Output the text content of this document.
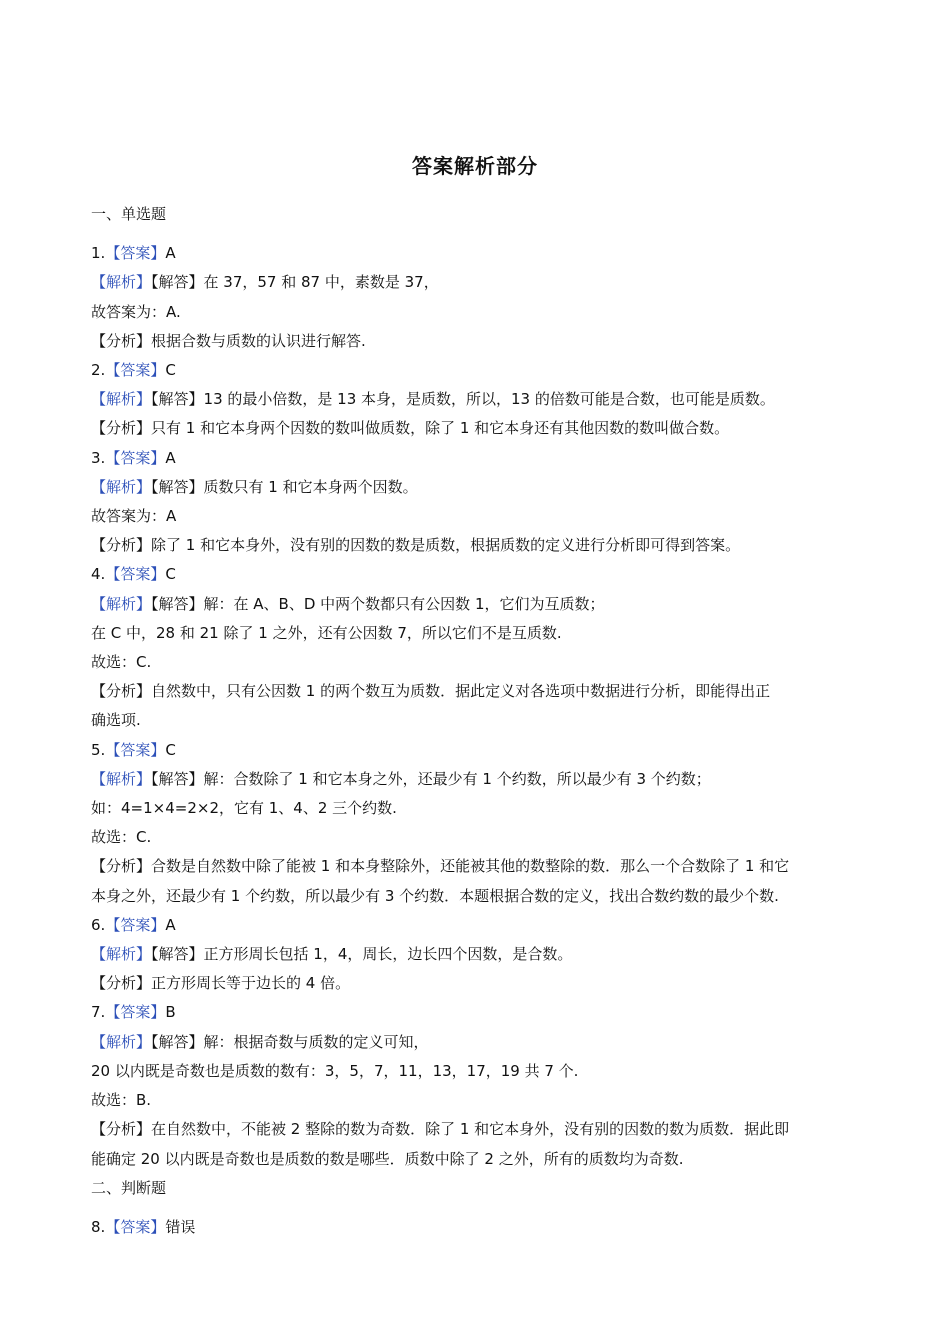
答案解析部分

一、单选题

1.【答案】A

【解析】【解答】在 37，57 和 87 中，素数是 37，

故答案为：A.

【分析】根据合数与质数的认识进行解答.

2.【答案】C

【解析】【解答】13 的最小倍数，是 13 本身，是质数，所以，13 的倍数可能是合数，也可能是质数。

【分析】只有 1 和它本身两个因数的数叫做质数，除了 1 和它本身还有其他因数的数叫做合数。

3.【答案】A

【解析】【解答】质数只有 1 和它本身两个因数。

故答案为：A

【分析】除了 1 和它本身外，没有别的因数的数是质数，根据质数的定义进行分析即可得到答案。

4.【答案】C

【解析】【解答】解：在 A、B、D 中两个数都只有公因数 1，它们为互质数；

在 C 中，28 和 21 除了 1 之外，还有公因数 7，所以它们不是互质数.

故选：C.

【分析】自然数中，只有公因数 1 的两个数互为质数．据此定义对各选项中数据进行分析，即能得出正

确选项.

5.【答案】C

【解析】【解答】解：合数除了 1 和它本身之外，还最少有 1 个约数，所以最少有 3 个约数；

如：4=1×4=2×2，它有 1、4、2 三个约数.

故选：C.

【分析】合数是自然数中除了能被 1 和本身整除外，还能被其他的数整除的数．那么一个合数除了 1 和它

本身之外，还最少有 1 个约数，所以最少有 3 个约数．本题根据合数的定义，找出合数约数的最少个数.

6.【答案】A

【解析】【解答】正方形周长包括 1，4，周长，边长四个因数，是合数。

【分析】正方形周长等于边长的 4 倍。

7.【答案】B

【解析】【解答】解：根据奇数与质数的定义可知，

20 以内既是奇数也是质数的数有：3，5，7，11，13，17，19 共 7 个.

故选：B.

【分析】在自然数中，不能被 2 整除的数为奇数．除了 1 和它本身外，没有别的因数的数为质数．据此即

能确定 20 以内既是奇数也是质数的数是哪些．质数中除了 2 之外，所有的质数均为奇数.

二、判断题

8.【答案】错误
